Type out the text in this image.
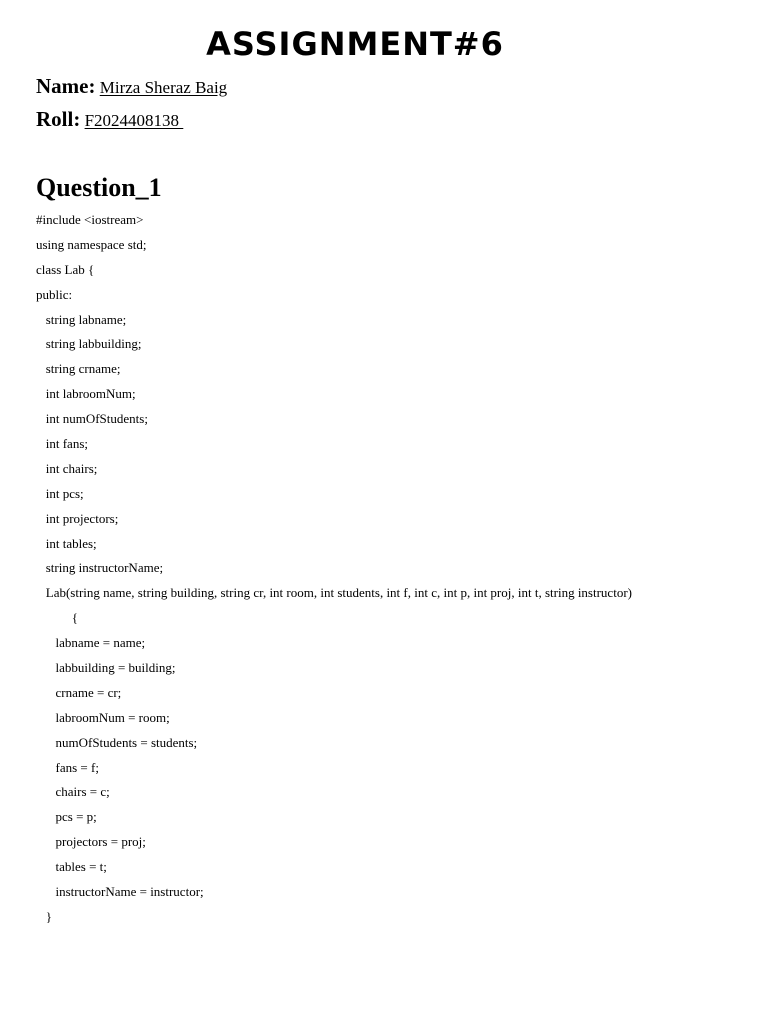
ASSIGNMENT#6
Name: Mirza Sheraz Baig
Roll: F2024408138
Question_1
#include <iostream>
using namespace std;
class Lab {
public:
string labname;
string labbuilding;
string crname;
int labroomNum;
int numOfStudents;
int fans;
int chairs;
int pcs;
int projectors;
int tables;
string instructorName;
Lab(string name, string building, string cr, int room, int students, int f, int c, int p, int proj, int t, string instructor)
{
labname = name;
labbuilding = building;
crname = cr;
labroomNum = room;
numOfStudents = students;
fans = f;
chairs = c;
pcs = p;
projectors = proj;
tables = t;
instructorName = instructor;
}
